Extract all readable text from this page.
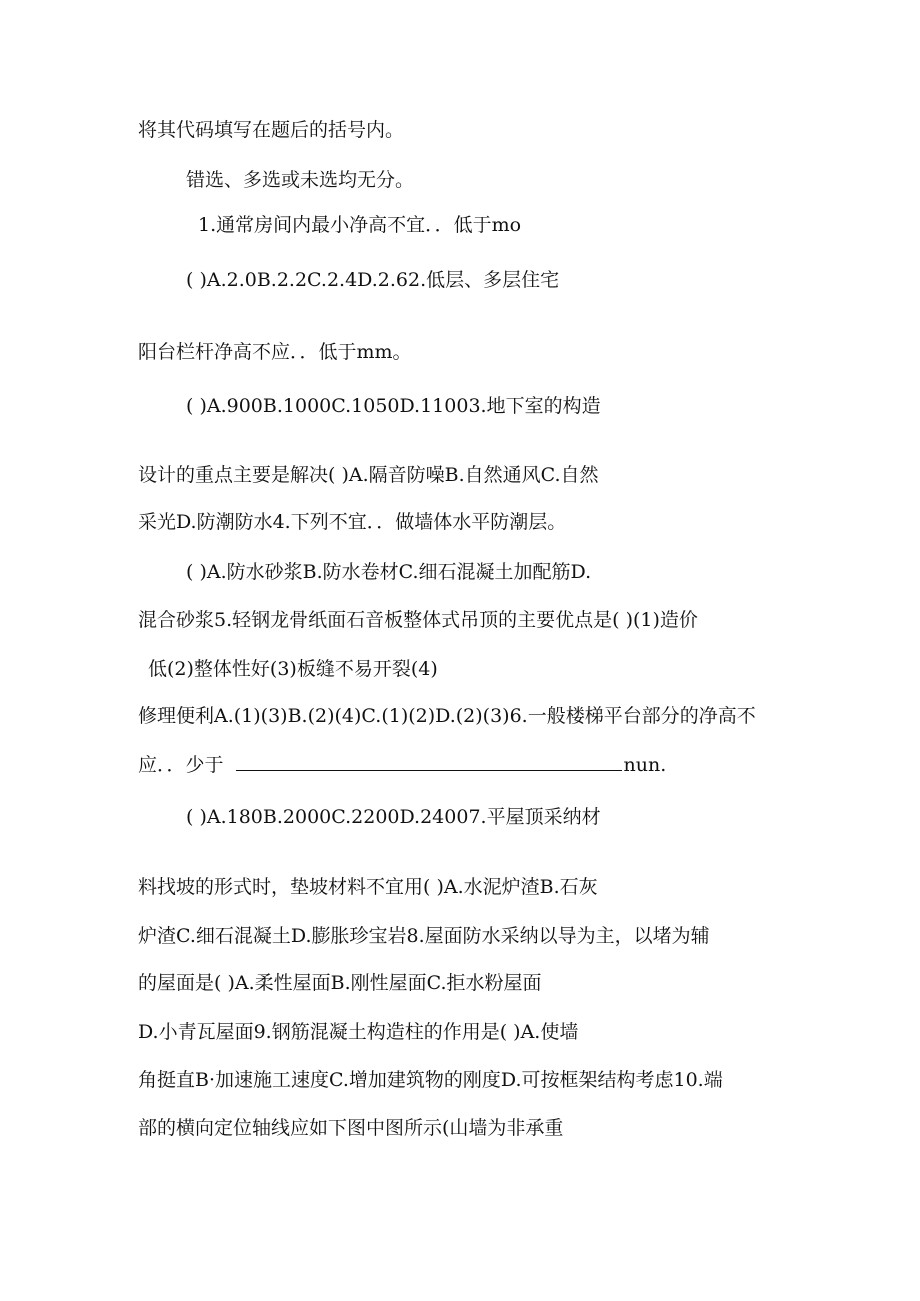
将其代码填写在题后的括号内。
错选、多选或未选均无分。
1.通常房间内最小净高不宜．．低于mo
( )A.2.0B.2.2C.2.4D.2.62.低层、多层住宅
阳台栏杆净高不应．．低于mm。
( )A.900B.1000C.1050D.11003.地下室的构造
设计的重点主要是解决( )A.隔音防噪B.自然通风C.自然
采光D.防潮防水4.下列不宜．．做墙体水平防潮层。
( )A.防水砂浆B.防水卷材C.细石混凝土加配筋D.
混合砂浆5.轻钢龙骨纸面石音板整体式吊顶的主要优点是( )(1)造价
低(2)整体性好(3)板缝不易开裂(4)
修理便利A.(1)(3)B.(2)(4)C.(1)(2)D.(2)(3)6.一般楼梯平台部分的净高不
应．．少于	nun.
( )A.180B.2000C.2200D.24007.平屋顶采纳材
料找坡的形式时，垫坡材料不宜用( )A.水泥炉渣B.石灰
炉渣C.细石混凝土D.膨胀珍宝岩8.屋面防水采纳以导为主，以堵为辅
的屋面是( )A.柔性屋面B.刚性屋面C.拒水粉屋面
D.小青瓦屋面9.钢筋混凝土构造柱的作用是( )A.使墙
角挺直B·加速施工速度C.增加建筑物的刚度D.可按框架结构考虑10.端
部的横向定位轴线应如下图中图所示(山墙为非承重
